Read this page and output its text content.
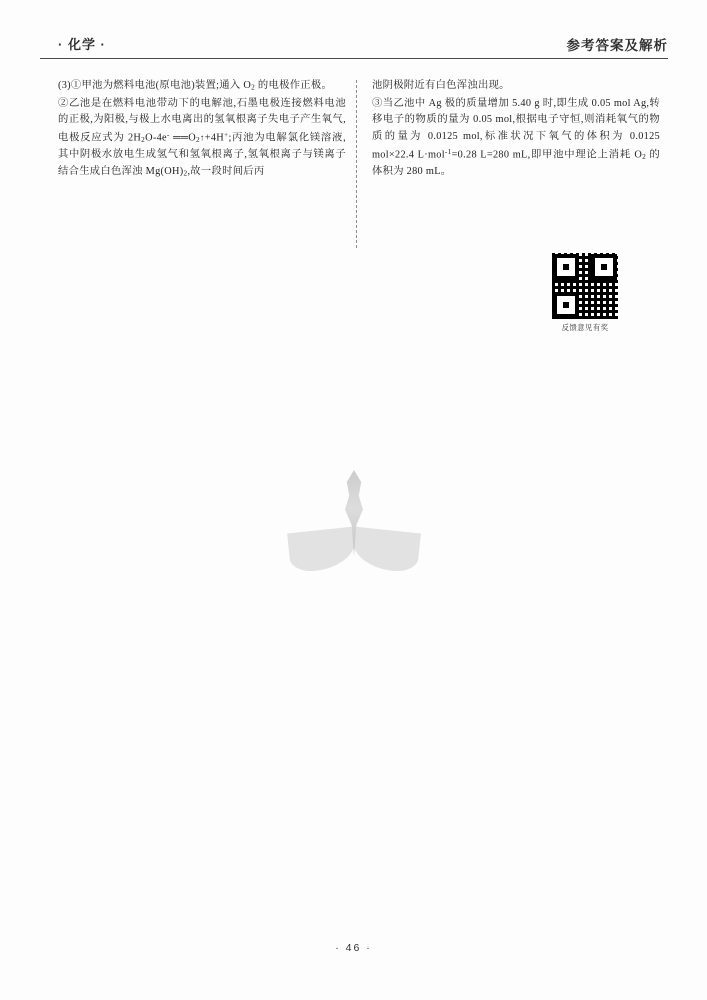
· 化学 ·	参考答案及解析

(3)①甲池为燃料电池(原电池)装置;通入 $O_2$ 的电极作正极。

②乙池是在燃料电池带动下的电解池,石墨电极连接燃料电池的正极,为阳极,与极上水电离出的氢氧根离子失电子产生氧气,电极反应式为 $2H_2O-4e^-$ $══O_2↑+4H^+$;丙池为电解氯化镁溶液,其中阴极水放电生成氢气和氢氧根离子,氢氧根离子与镁离子结合生成白色浑浊 $Mg(OH)_2$,故一段时间后丙

池阴极附近有白色浑浊出现。

③当乙池中 Ag 极的质量增加 5.40 g 时,即生成 0.05 mol Ag,转移电子的物质的量为 0.05 mol,根据电子守恒,则消耗氧气的物质的量为 0.0125 mol,标准状况下氧气的体积为 0.0125 mol×22.4 L·mol$^{-1}$=0.28 L=280 mL,即甲池中理论上消耗 $O_2$ 的体积为 280 mL。

反馈意见有奖
· 46 ·
